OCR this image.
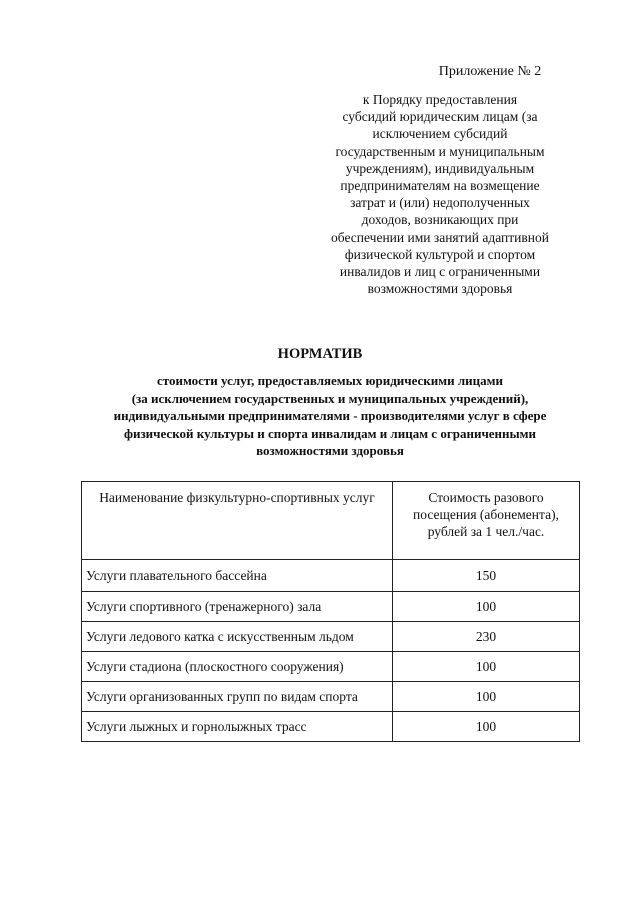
Приложение № 2
к Порядку предоставления
субсидий юридическим лицам (за
исключением субсидий
государственным и муниципальным
учреждениям), индивидуальным
предпринимателям на возмещение
затрат и (или) недополученных
доходов, возникающих при
обеспечении ими занятий адаптивной
физической культурой и спортом
инвалидов и лиц с ограниченными
возможностями здоровья
НОРМАТИВ
стоимости услуг, предоставляемых юридическими лицами
(за исключением государственных и муниципальных учреждений),
индивидуальными предпринимателями - производителями услуг в сфере
физической культуры и спорта инвалидам и лицам с ограниченными
возможностями здоровья
Наименование физкультурно-спортивных услуг	Стоимость разового посещения (абонемента), рублей за 1 чел./час.
Услуги плавательного бассейна	150
Услуги спортивного (тренажерного) зала	100
Услуги ледового катка с искусственным льдом	230
Услуги стадиона (плоскостного сооружения)	100
Услуги организованных групп по видам спорта	100
Услуги лыжных и горнолыжных трасс	100
